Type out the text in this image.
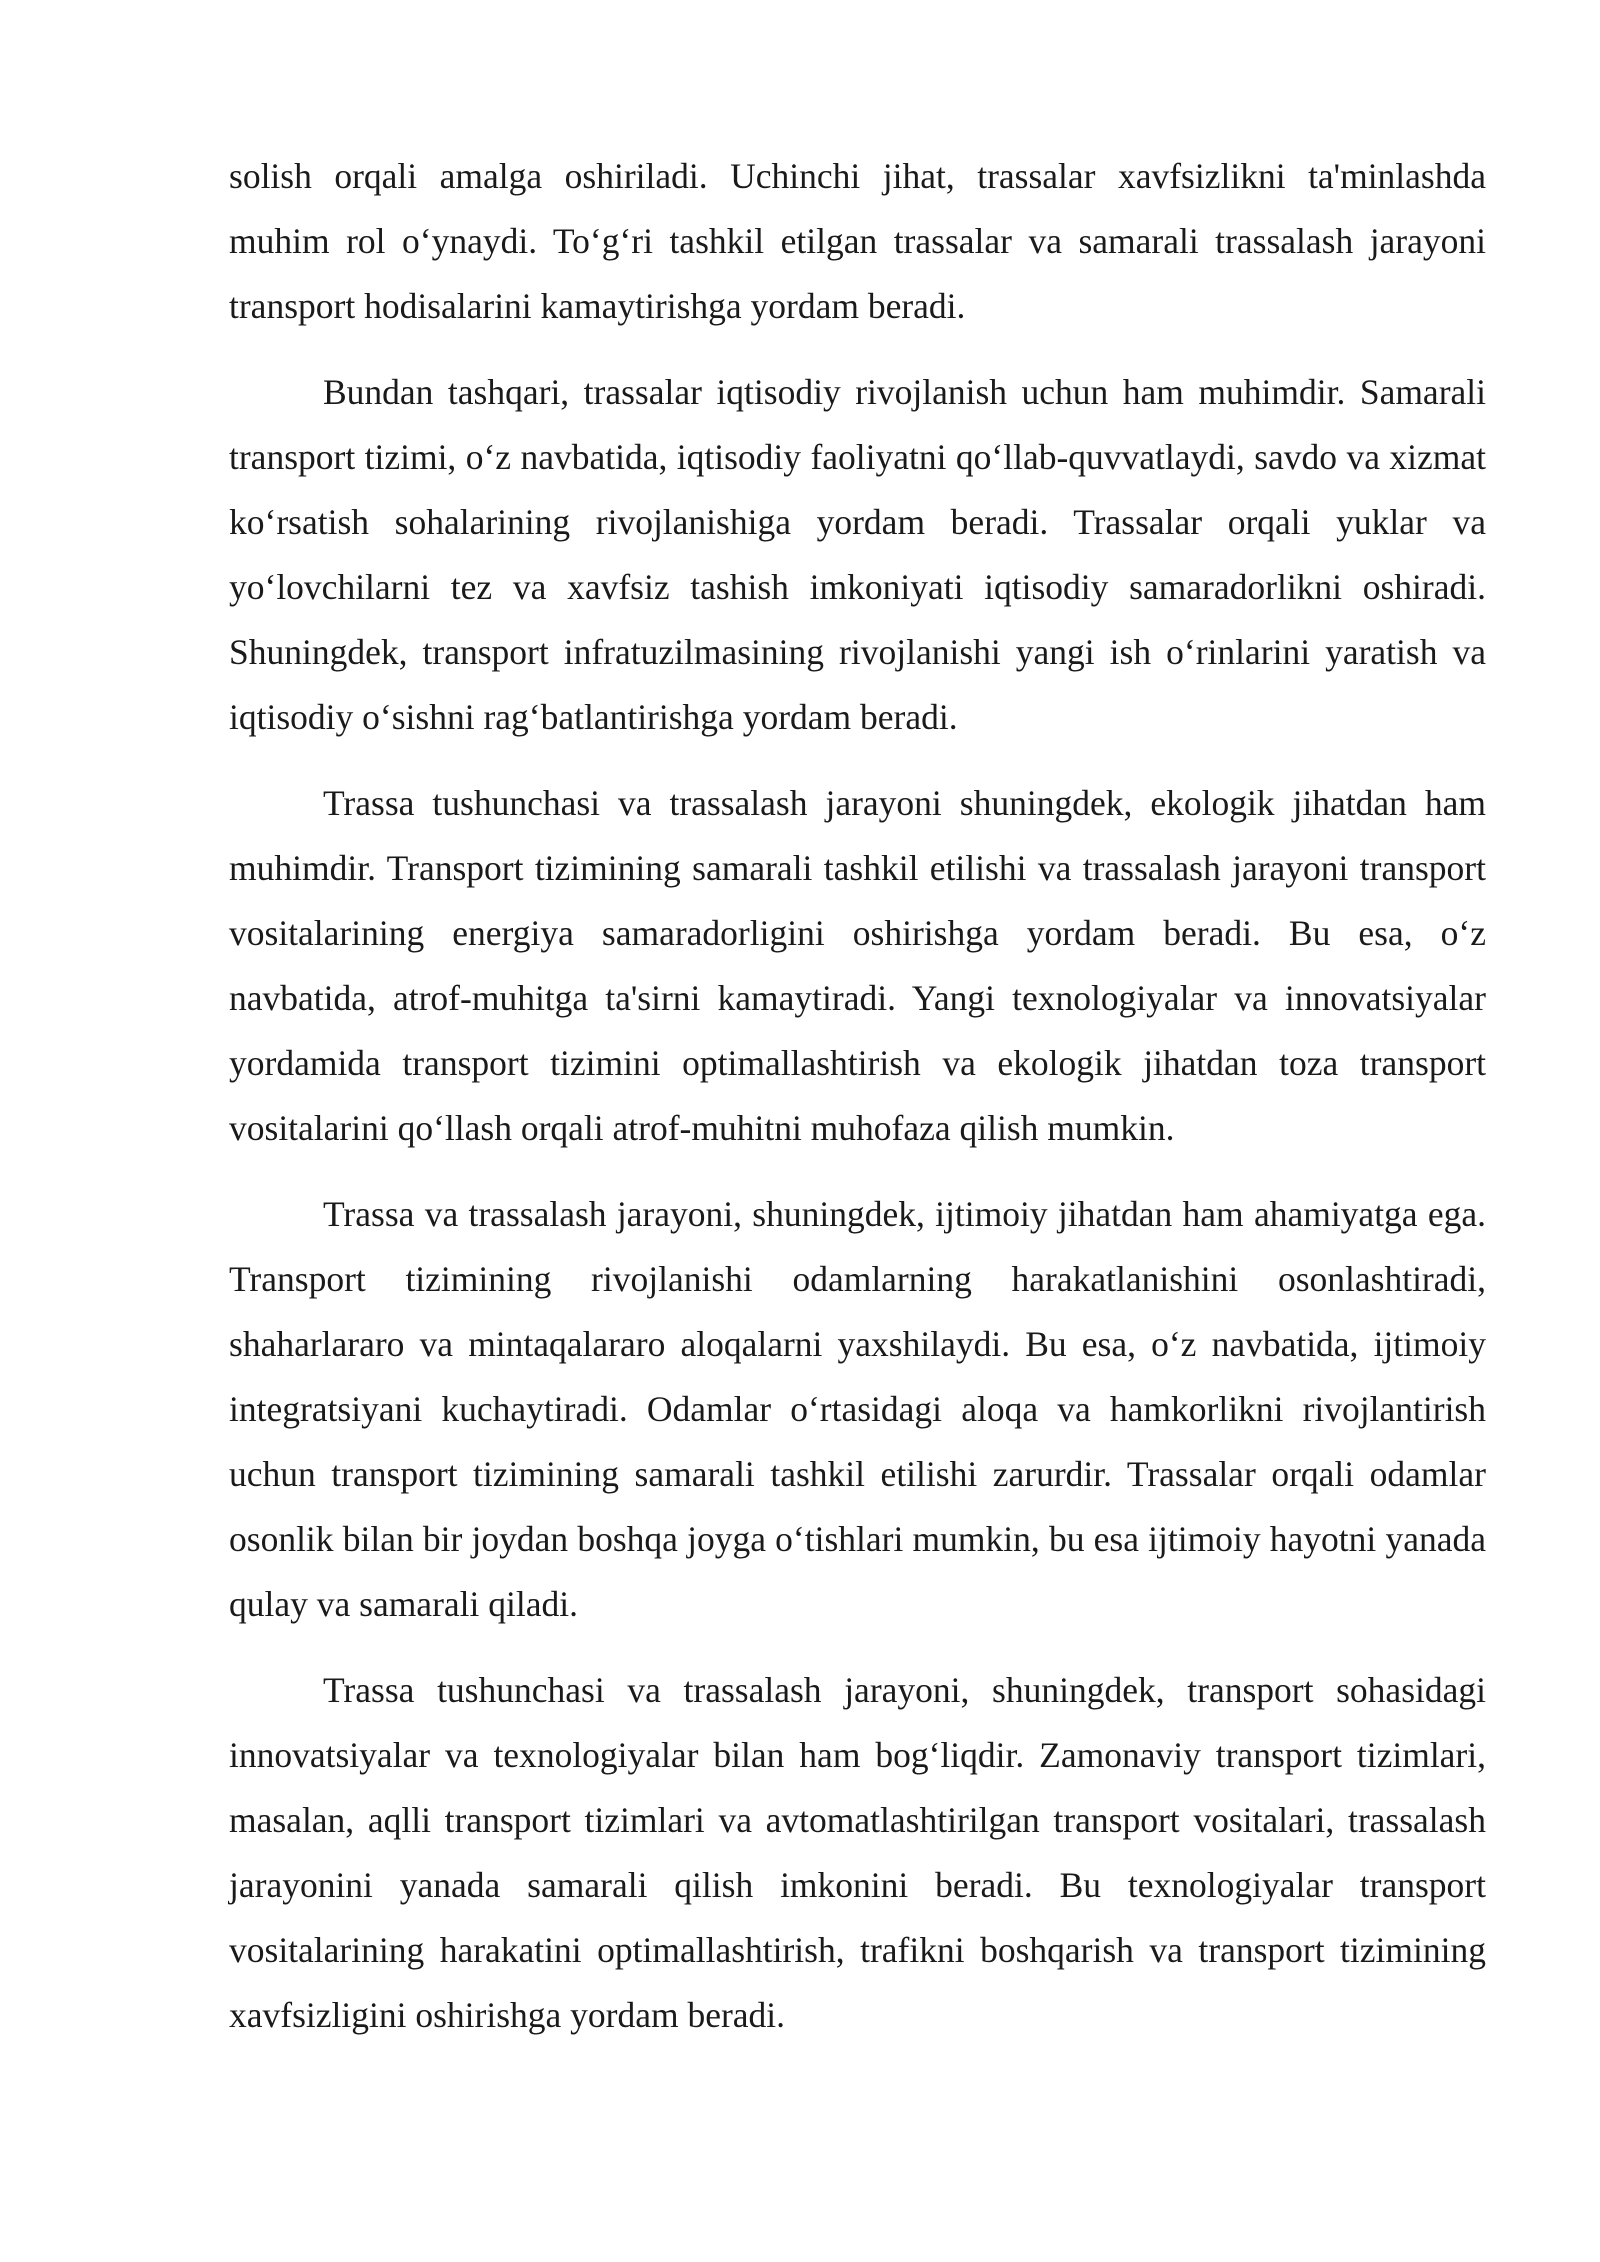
solish orqali amalga oshiriladi. Uchinchi jihat, trassalar xavfsizlikni ta'minlashda muhim rol o‘ynaydi. To‘g‘ri tashkil etilgan trassalar va samarali trassalash jarayoni transport hodisalarini kamaytirishga yordam beradi.

Bundan tashqari, trassalar iqtisodiy rivojlanish uchun ham muhimdir. Samarali transport tizimi, o‘z navbatida, iqtisodiy faoliyatni qo‘llab-quvvatlaydi, savdo va xizmat ko‘rsatish sohalarining rivojlanishiga yordam beradi. Trassalar orqali yuklar va yo‘lovchilarni tez va xavfsiz tashish imkoniyati iqtisodiy samaradorlikni oshiradi. Shuningdek, transport infratuzilmasining rivojlanishi yangi ish o‘rinlarini yaratish va iqtisodiy o‘sishni rag‘batlantirishga yordam beradi.

Trassa tushunchasi va trassalash jarayoni shuningdek, ekologik jihatdan ham muhimdir. Transport tizimining samarali tashkil etilishi va trassalash jarayoni transport vositalarining energiya samaradorligini oshirishga yordam beradi. Bu esa, o‘z navbatida, atrof-muhitga ta'sirni kamaytiradi. Yangi texnologiyalar va innovatsiyalar yordamida transport tizimini optimallashtirish va ekologik jihatdan toza transport vositalarini qo‘llash orqali atrof-muhitni muhofaza qilish mumkin.

Trassa va trassalash jarayoni, shuningdek, ijtimoiy jihatdan ham ahamiyatga ega. Transport tizimining rivojlanishi odamlarning harakatlanishini osonlashtiradi, shaharlararo va mintaqalararo aloqalarni yaxshilaydi. Bu esa, o‘z navbatida, ijtimoiy integratsiyani kuchaytiradi. Odamlar o‘rtasidagi aloqa va hamkorlikni rivojlantirish uchun transport tizimining samarali tashkil etilishi zarurdir. Trassalar orqali odamlar osonlik bilan bir joydan boshqa joyga o‘tishlari mumkin, bu esa ijtimoiy hayotni yanada qulay va samarali qiladi.

Trassa tushunchasi va trassalash jarayoni, shuningdek, transport sohasidagi innovatsiyalar va texnologiyalar bilan ham bog‘liqdir. Zamonaviy transport tizimlari, masalan, aqlli transport tizimlari va avtomatlashtirilgan transport vositalari, trassalash jarayonini yanada samarali qilish imkonini beradi. Bu texnologiyalar transport vositalarining harakatini optimallashtirish, trafikni boshqarish va transport tizimining xavfsizligini oshirishga yordam beradi.
